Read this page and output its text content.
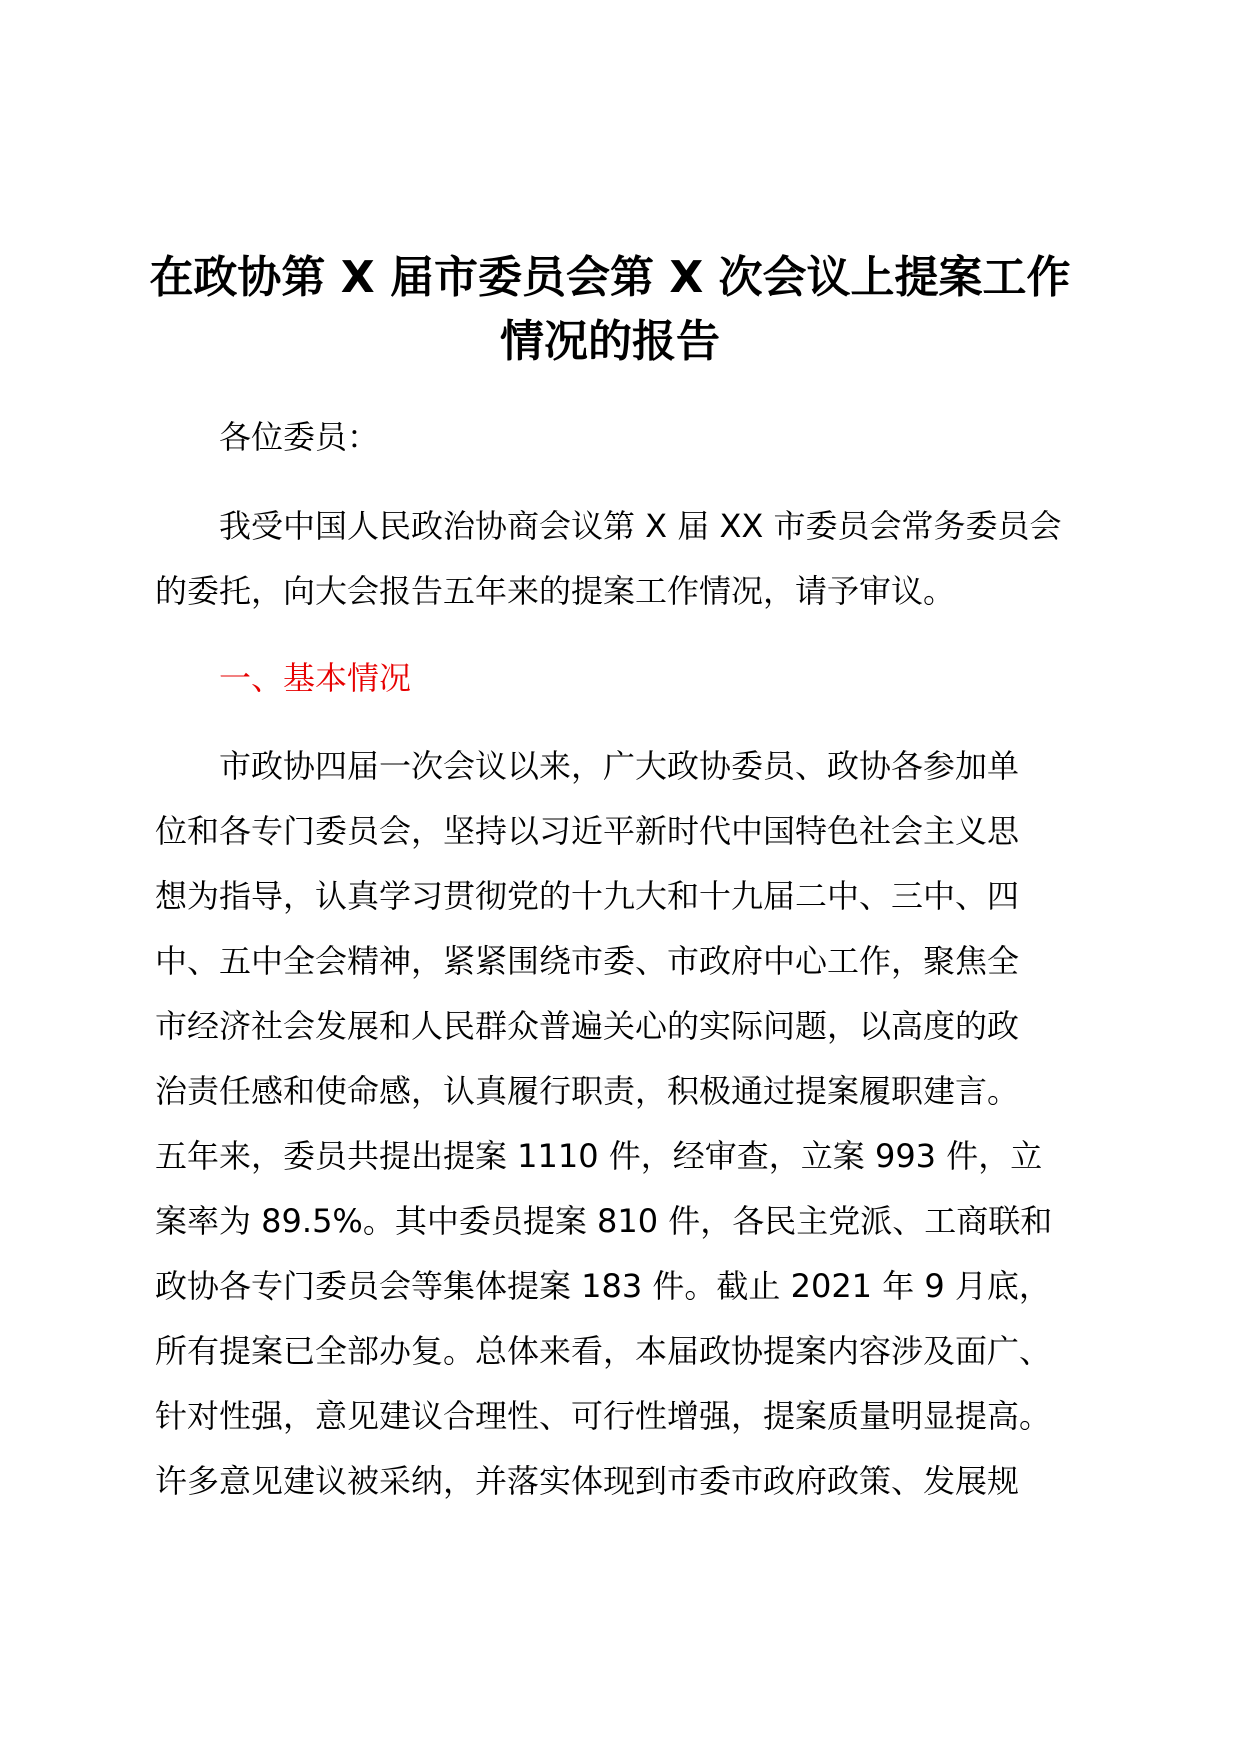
在政协第 X 届市委员会第 X 次会议上提案工作
情况的报告
各位委员：
我受中国人民政治协商会议第 X 届 XX 市委员会常务委员会
的委托，向大会报告五年来的提案工作情况，请予审议。
一、基本情况
市政协四届一次会议以来，广大政协委员、政协各参加单
位和各专门委员会，坚持以习近平新时代中国特色社会主义思
想为指导，认真学习贯彻党的十九大和十九届二中、三中、四
中、五中全会精神，紧紧围绕市委、市政府中心工作，聚焦全
市经济社会发展和人民群众普遍关心的实际问题，以高度的政
治责任感和使命感，认真履行职责，积极通过提案履职建言。
五年来，委员共提出提案 1110 件，经审查，立案 993 件，立
案率为 89.5%。其中委员提案 810 件，各民主党派、工商联和
政协各专门委员会等集体提案 183 件。截止 2021 年 9 月底，
所有提案已全部办复。总体来看，本届政协提案内容涉及面广、
针对性强，意见建议合理性、可行性增强，提案质量明显提高。
许多意见建议被采纳，并落实体现到市委市政府政策、发展规
